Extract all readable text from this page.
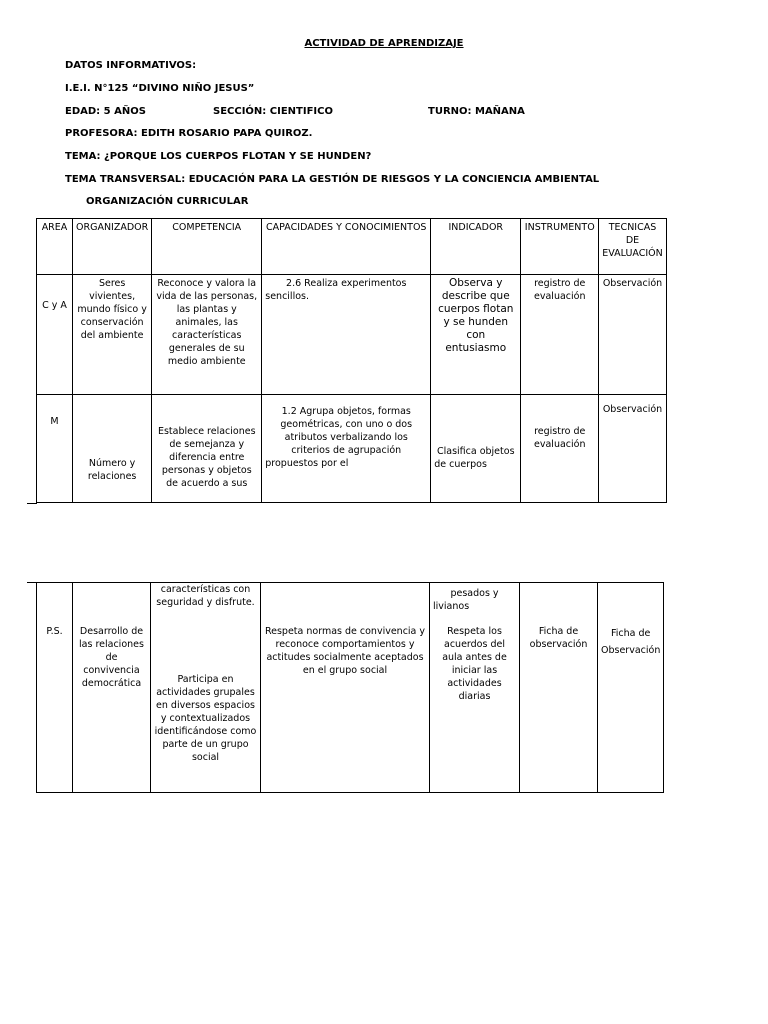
ACTIVIDAD DE APRENDIZAJE
DATOS INFORMATIVOS:
I.E.I. N°125 “DIVINO NIÑO JESUS”
EDAD: 5 AÑOS	SECCIÓN: CIENTIFICO	TURNO: MAÑANA
PROFESORA: EDITH ROSARIO PAPA QUIROZ.
TEMA: ¿PORQUE LOS CUERPOS FLOTAN Y SE HUNDEN?
TEMA TRANSVERSAL: EDUCACIÓN PARA LA GESTIÓN DE RIESGOS Y LA CONCIENCIA AMBIENTAL
ORGANIZACIÓN CURRICULAR
AREA	ORGANIZADOR	COMPETENCIA	CAPACIDADES Y CONOCIMIENTOS	INDICADOR	INSTRUMENTO	TECNICAS DE EVALUACIÓN
C y A	Seres vivientes, mundo físico y conservación del ambiente	Reconoce y valora la vida de las personas, las plantas y animales, las características generales de su medio ambiente	2.6 Realiza experimentos sencillos.	Observa y describe que cuerpos flotan y se hunden con entusiasmo	registro de evaluación	Observación
M	Número y relaciones	Establece relaciones de semejanza y diferencia entre personas y objetos de acuerdo a sus	1.2 Agrupa objetos, formas geométricas, con uno o dos atributos verbalizando los criterios de agrupación propuestos por el	Clasifica objetos de cuerpos	registro de evaluación	Observación
		características con seguridad y disfrute.		pesados y livianos		
P.S.	Desarrollo de las relaciones de convivencia democrática	Participa en actividades grupales en diversos espacios y contextualizados identificándose como parte de un grupo social	Respeta normas de convivencia y reconoce comportamientos y actitudes socialmente aceptados en el grupo social	Respeta los acuerdos del aula antes de iniciar las actividades diarias	Ficha de observación	Ficha de Observación
